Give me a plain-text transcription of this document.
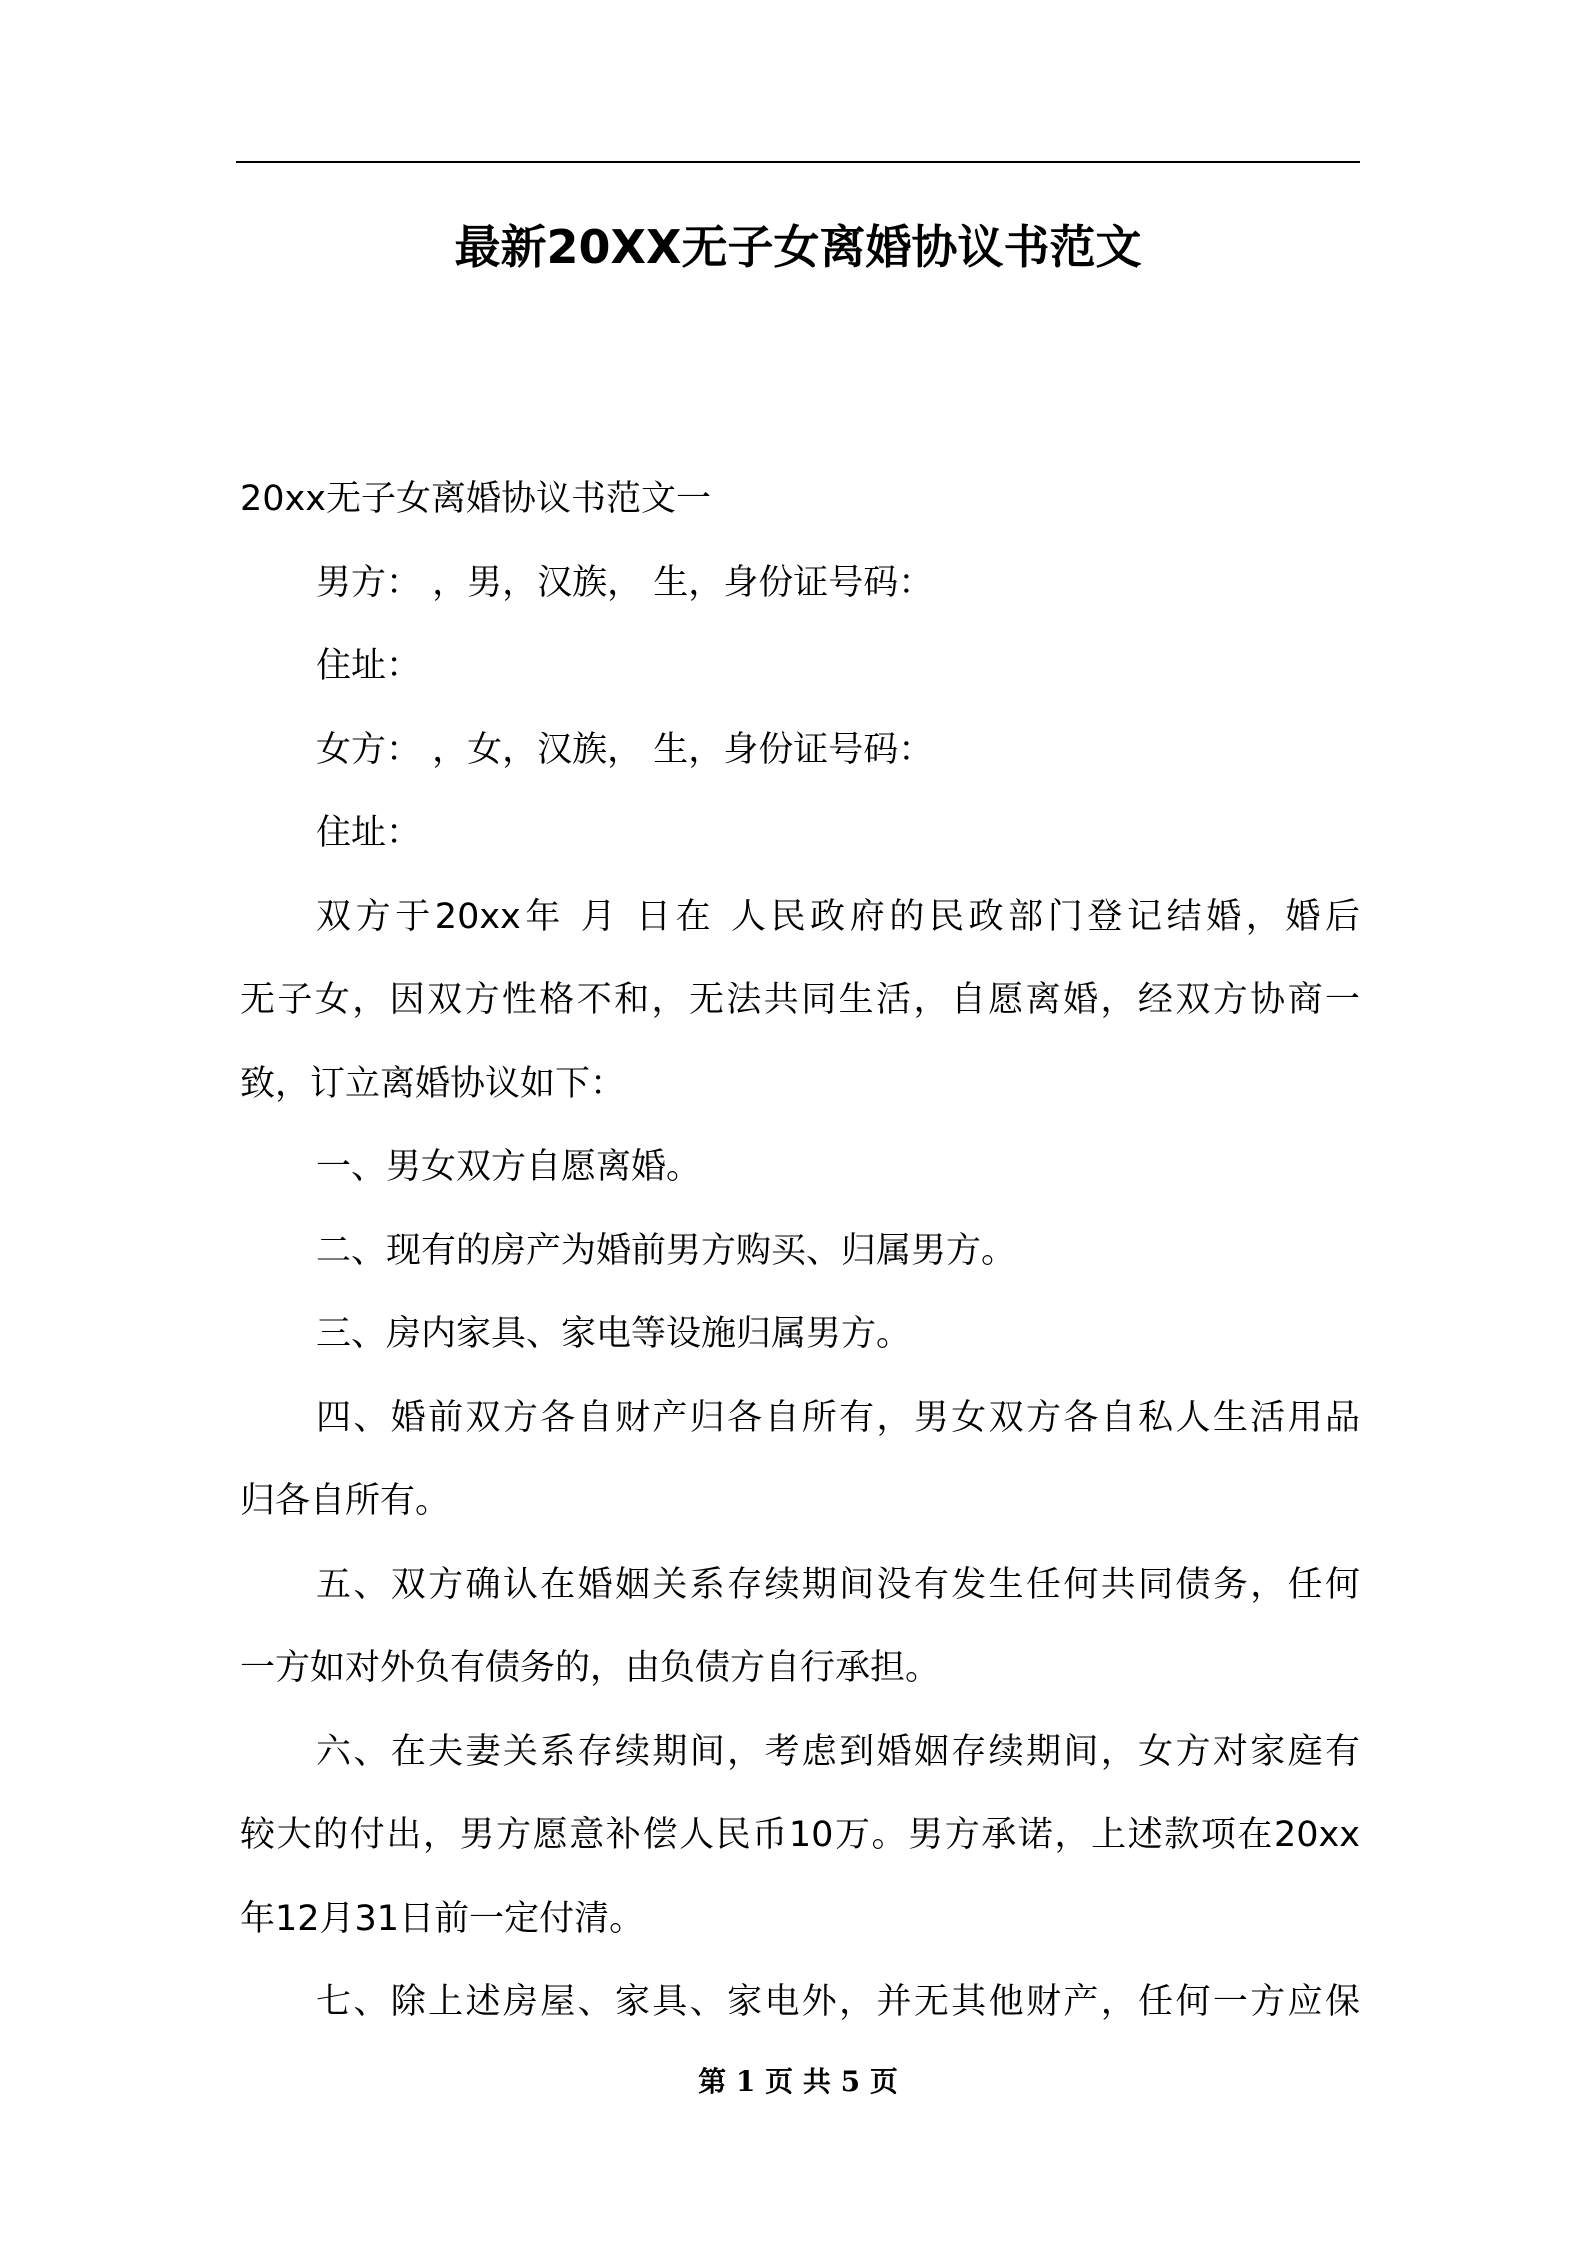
最新20XX无子女离婚协议书范文
20xx无子女离婚协议书范文一
男方： ，男，汉族， 生，身份证号码：
住址：
女方： ，女，汉族， 生，身份证号码：
住址：
双方于20xx年 月 日在 人民政府的民政部门登记结婚，婚后
无子女，因双方性格不和，无法共同生活，自愿离婚，经双方协商一
致，订立离婚协议如下：
一、男女双方自愿离婚。
二、现有的房产为婚前男方购买、归属男方。
三、房内家具、家电等设施归属男方。
四、婚前双方各自财产归各自所有，男女双方各自私人生活用品
归各自所有。
五、双方确认在婚姻关系存续期间没有发生任何共同债务，任何
一方如对外负有债务的，由负债方自行承担。
六、在夫妻关系存续期间，考虑到婚姻存续期间，女方对家庭有
较大的付出，男方愿意补偿人民币10万。男方承诺，上述款项在20xx
年12月31日前一定付清。
七、除上述房屋、家具、家电外，并无其他财产，任何一方应保
第 1 页 共 5 页
